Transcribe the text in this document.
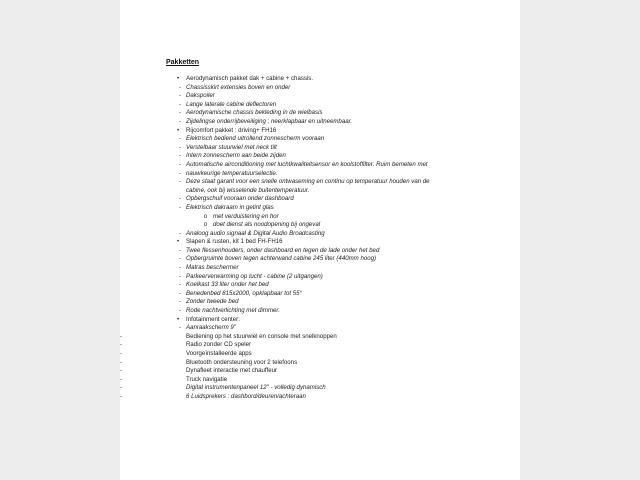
Pakketten
•	Aerodynamisch pakket dak + cabine + chassis.
- Chassisskirt extensies boven en onder
- Dakspoiler
- Lange laterale cabine deflectoren
- Aerodynamische chassis bekleding in de wielbasis
- Zijdelingse onderrijbeveiliging ; neerklapbaar en uitneembaar.
•	Rijcomfort pakket : driving+ FH16
- Elektrisch bediend uitrollend zonnescherm vooraan
- Verstelbaar stuurwiel met neck tilt
- Intern zonnescherm aan beide zijden
- Automatische airconditioning met luchtkwaliteitsensor en koolstoffilter. Ruim bemeten met
- nauwkeurige temperatuurselectie.
- Deze staat garant voor een snelle ontwaseming en continu op temperatuur houden van de
cabine, ook bij wisselende buitentemperatuur.
- Opbergschuif vooraan onder dashboard
- Elektrisch dakraam in getint glas
o met verduistering en hor
o doet dienst als noodopening bij ongeval
- Analoog audio signaal & Digital Audio Broadcasting
•	Slapen & rusten, kit 1 bed FH-FH16
- Twee flessenhouders, onder dashboard en tegen de lade onder het bed
- Opbergruimte boven tegen achterwand cabine 245 liter (440mm hoog)
- Matras beschermer
- Parkeerverwarming op lucht - cabine (2 uitgangen)
- Koelkast 33 liter onder het bed
- Benedenbed 815x2000, opklapbaar tot 55°
- Zonder tweede bed
- Rode nachtverlichting met dimmer.
•	Infotainment center:
- Aanraakscherm 9"
-	Bediening op het stuurwiel en console met snelknoppen
-	Radio zonder CD speler
-	Voorgeïnstalleerde apps
-	Bluetooth ondersteuning voor 2 telefoons
-	Dynafleet interactie met chauffeur
-	Truck navigatie
-	Digital instrumentenpaneel 12" - volledig dynamisch
-	6 Luidsprekers : dashbord/deuren/achteraan
